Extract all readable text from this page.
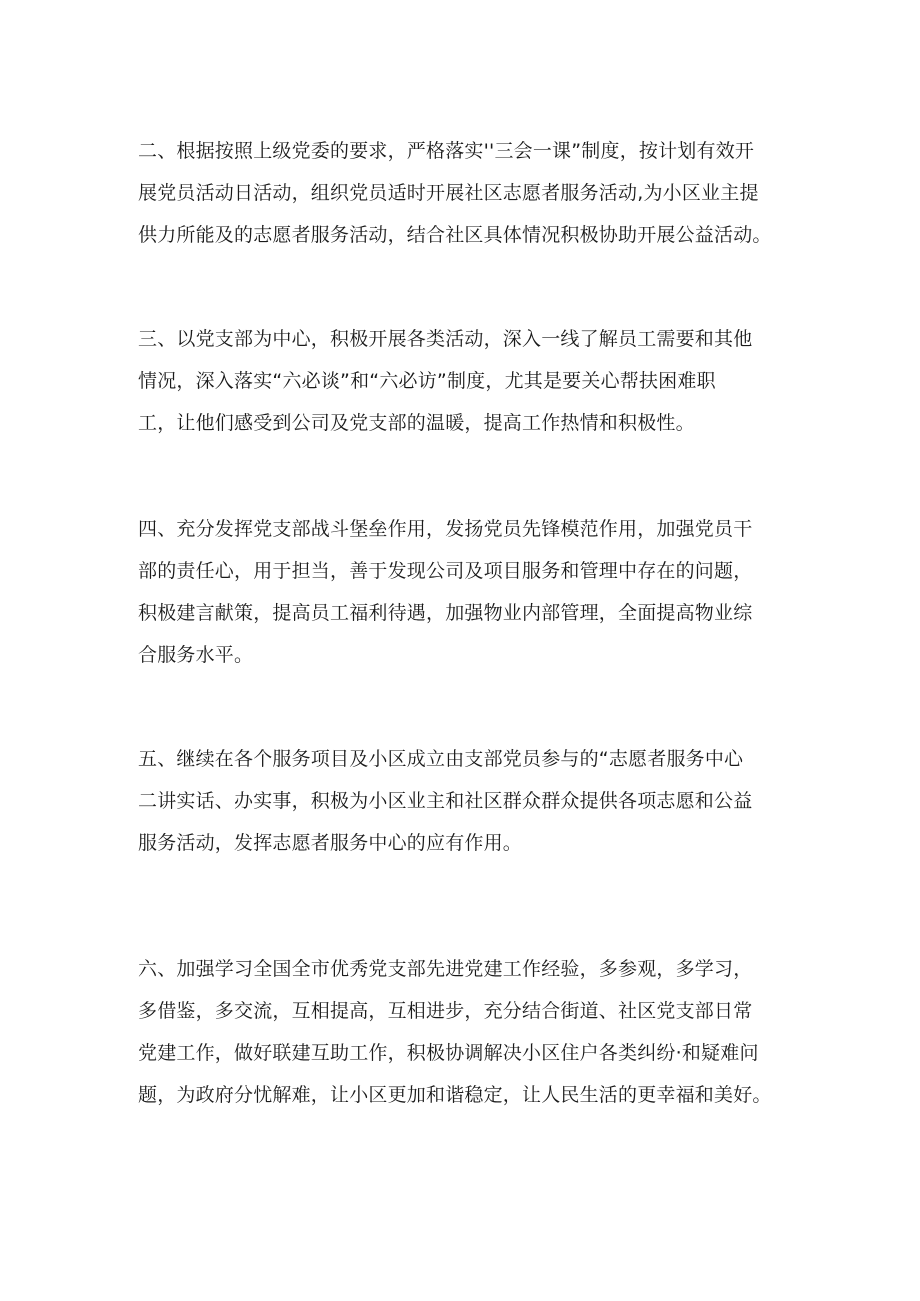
二、根据按照上级党委的要求，严格落实''三会一课”制度，按计划有效开
展党员活动日活动，组织党员适时开展社区志愿者服务活动,为小区业主提
供力所能及的志愿者服务活动，结合社区具体情况积极协助开展公益活动。

三、以党支部为中心，积极开展各类活动，深入一线了解员工需要和其他
情况，深入落实“六必谈”和“六必访”制度，尤其是要关心帮扶困难职
工，让他们感受到公司及党支部的温暖，提高工作热情和积极性。

四、充分发挥党支部战斗堡垒作用，发扬党员先锋模范作用，加强党员干
部的责任心，用于担当，善于发现公司及项目服务和管理中存在的问题，
积极建言献策，提高员工福利待遇，加强物业内部管理，全面提高物业综
合服务水平。

五、继续在各个服务项目及小区成立由支部党员参与的“志愿者服务中心
二讲实话、办实事，积极为小区业主和社区群众群众提供各项志愿和公益
服务活动，发挥志愿者服务中心的应有作用。

六、加强学习全国全市优秀党支部先进党建工作经验，多参观，多学习，
多借鉴，多交流，互相提高，互相进步，充分结合街道、社区党支部日常
党建工作，做好联建互助工作，积极协调解决小区住户各类纠纷·和疑难问
题，为政府分忧解难，让小区更加和谐稳定，让人民生活的更幸福和美好。
